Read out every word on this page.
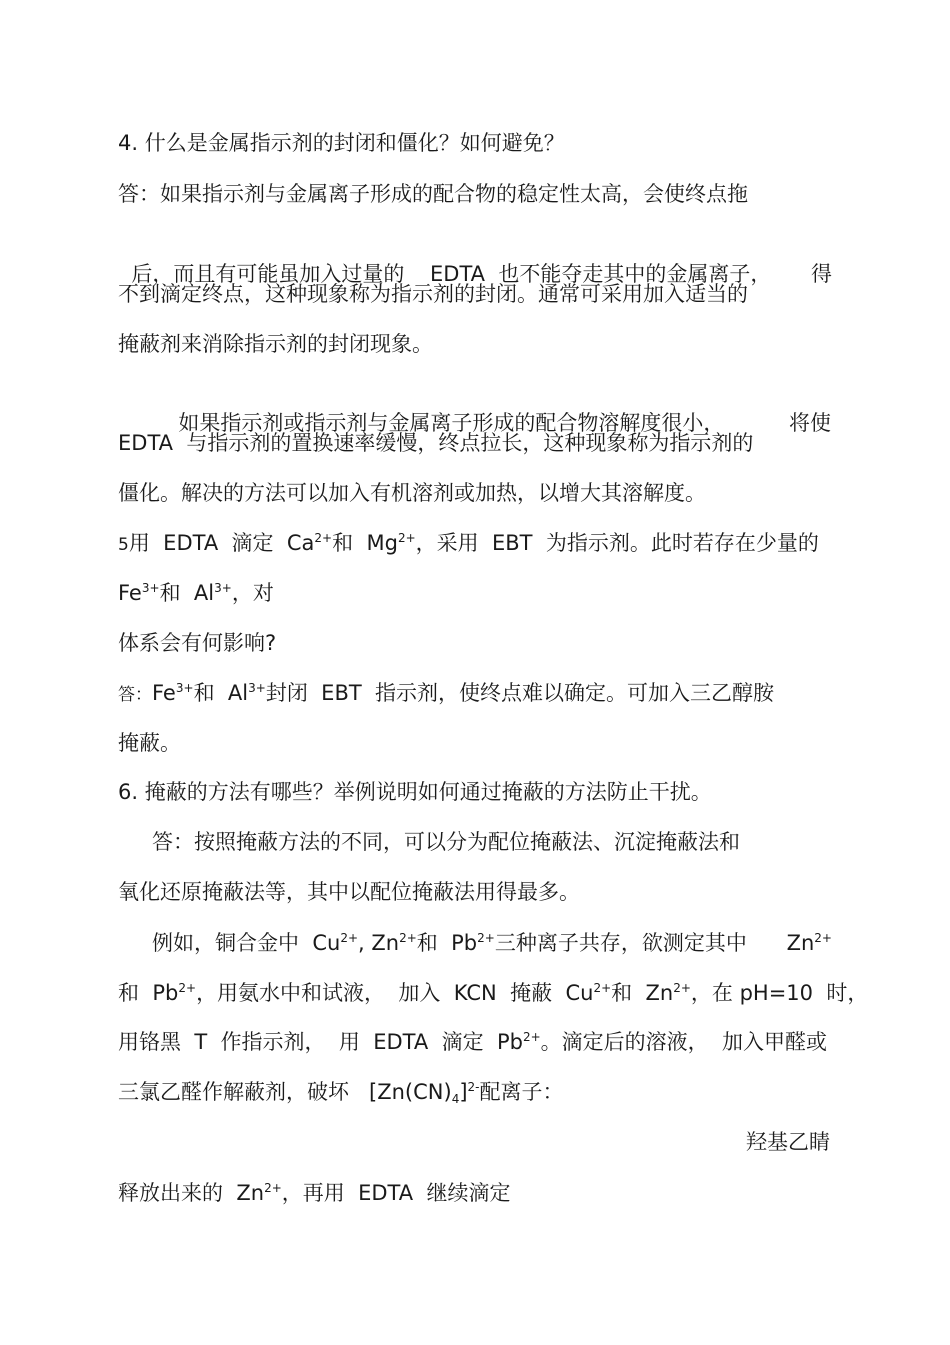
4. 什么是金属指示剂的封闭和僵化？如何避免？
答：如果指示剂与金属离子形成的配合物的稳定性太高，会使终点拖

后，而且有可能虽加入过量的 EDTA  也不能夺走其中的金属离子， 得

不到滴定终点，这种现象称为指示剂的封闭。通常可采用加入适当的
掩蔽剂来消除指示剂的封闭现象。

如果指示剂或指示剂与金属离子形成的配合物溶解度很小，	将使

EDTA  与指示剂的置换速率缓慢，终点拉长，这种现象称为指示剂的
僵化。解决的方法可以加入有机溶剂或加热，以增大其溶解度。
5用  EDTA  滴定  $Ca^{2+}$和  $Mg^{2+}$，采用  EBT  为指示剂。此时若存在少量的
$Fe^{3+}$和  $Al^{3+}$，对
体系会有何影响?
答：$Fe^{3+}$和  $Al^{3+}$封闭  EBT  指示剂，使终点难以确定。可加入三乙醇胺
掩蔽。
6. 掩蔽的方法有哪些？举例说明如何通过掩蔽的方法防止干扰。
答：按照掩蔽方法的不同，可以分为配位掩蔽法、沉淀掩蔽法和
氧化还原掩蔽法等，其中以配位掩蔽法用得最多。
例如，铜合金中 $Cu^{2+}$, $Zn^{2+}$和  $Pb^{2+}$三种离子共存，欲测定其中 $Zn^{2+}$
和  $Pb^{2+}$，用氨水中和试液， 加入  KCN  掩蔽  $Cu^{2+}$和  $Zn^{2+}$，在 pH=10  时，
用铬黑  T  作指示剂， 用  EDTA  滴定  $Pb^{2+}$。滴定后的溶液， 加入甲醛或
三氯乙醛作解蔽剂，破坏 $[Zn(CN)_4]^{2-}$配离子：
羟基乙睛
释放出来的 $Zn^{2+}$，再用  EDTA  继续滴定
